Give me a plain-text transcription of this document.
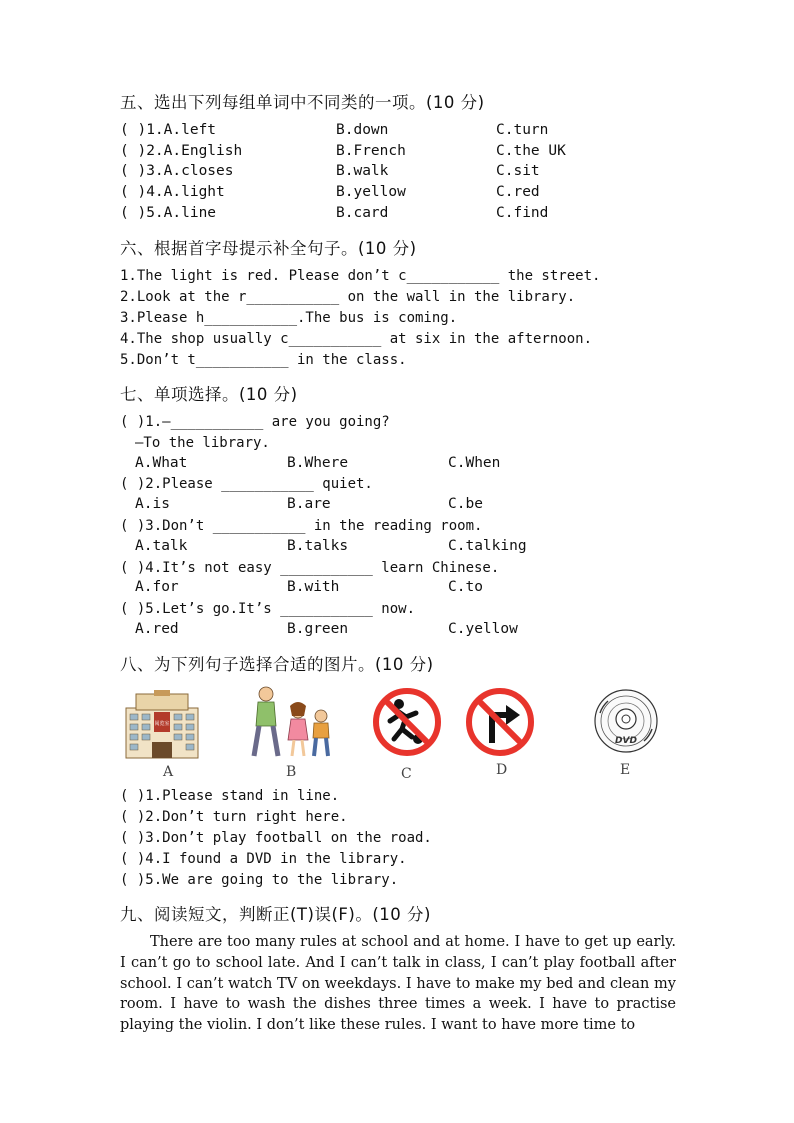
五、选出下列每组单词中不同类的一项。(10 分)
( )1.A.left	B.down	C.turn
( )2.A.English	B.French	C.the UK
( )3.A.closes	B.walk	C.sit
( )4.A.light	B.yellow	C.red
( )5.A.line	B.card	C.find
六、根据首字母提示补全句子。(10 分)
1.The light is red. Please don’t c___________ the street.
2.Look at the r___________ on the wall in the library.
3.Please h___________.The bus is coming.
4.The shop usually c___________ at six in the afternoon.
5.Don’t t___________ in the class.
七、单项选择。(10 分)
( )1.—___________ are you going?
—To the library.
A.What	B.Where	C.When
( )2.Please ___________ quiet.
A.is	B.are	C.be
( )3.Don’t ___________ in the reading room.
A.talk	B.talks	C.talking
( )4.It’s not easy ___________ learn Chinese.
A.for	B.with	C.to
( )5.Let’s go.It’s ___________ now.
A.red	B.green	C.yellow
八、为下列句子选择合适的图片。(10 分)
阅览室
DVD
A	B	C	D	E
( )1.Please stand in line.
( )2.Don’t turn right here.
( )3.Don’t play football on the road.
( )4.I found a DVD in the library.
( )5.We are going to the library.
九、阅读短文，判断正(T)误(F)。(10 分)

There are too many rules at school and at home. I have to get up early. I can’t go to school late. And I can’t talk in class, I can’t play football after school. I can’t watch TV on weekdays. I have to make my bed and clean my room. I have to wash the dishes three times a week. I have to practise playing the violin. I don’t like these rules. I want to have more time to
